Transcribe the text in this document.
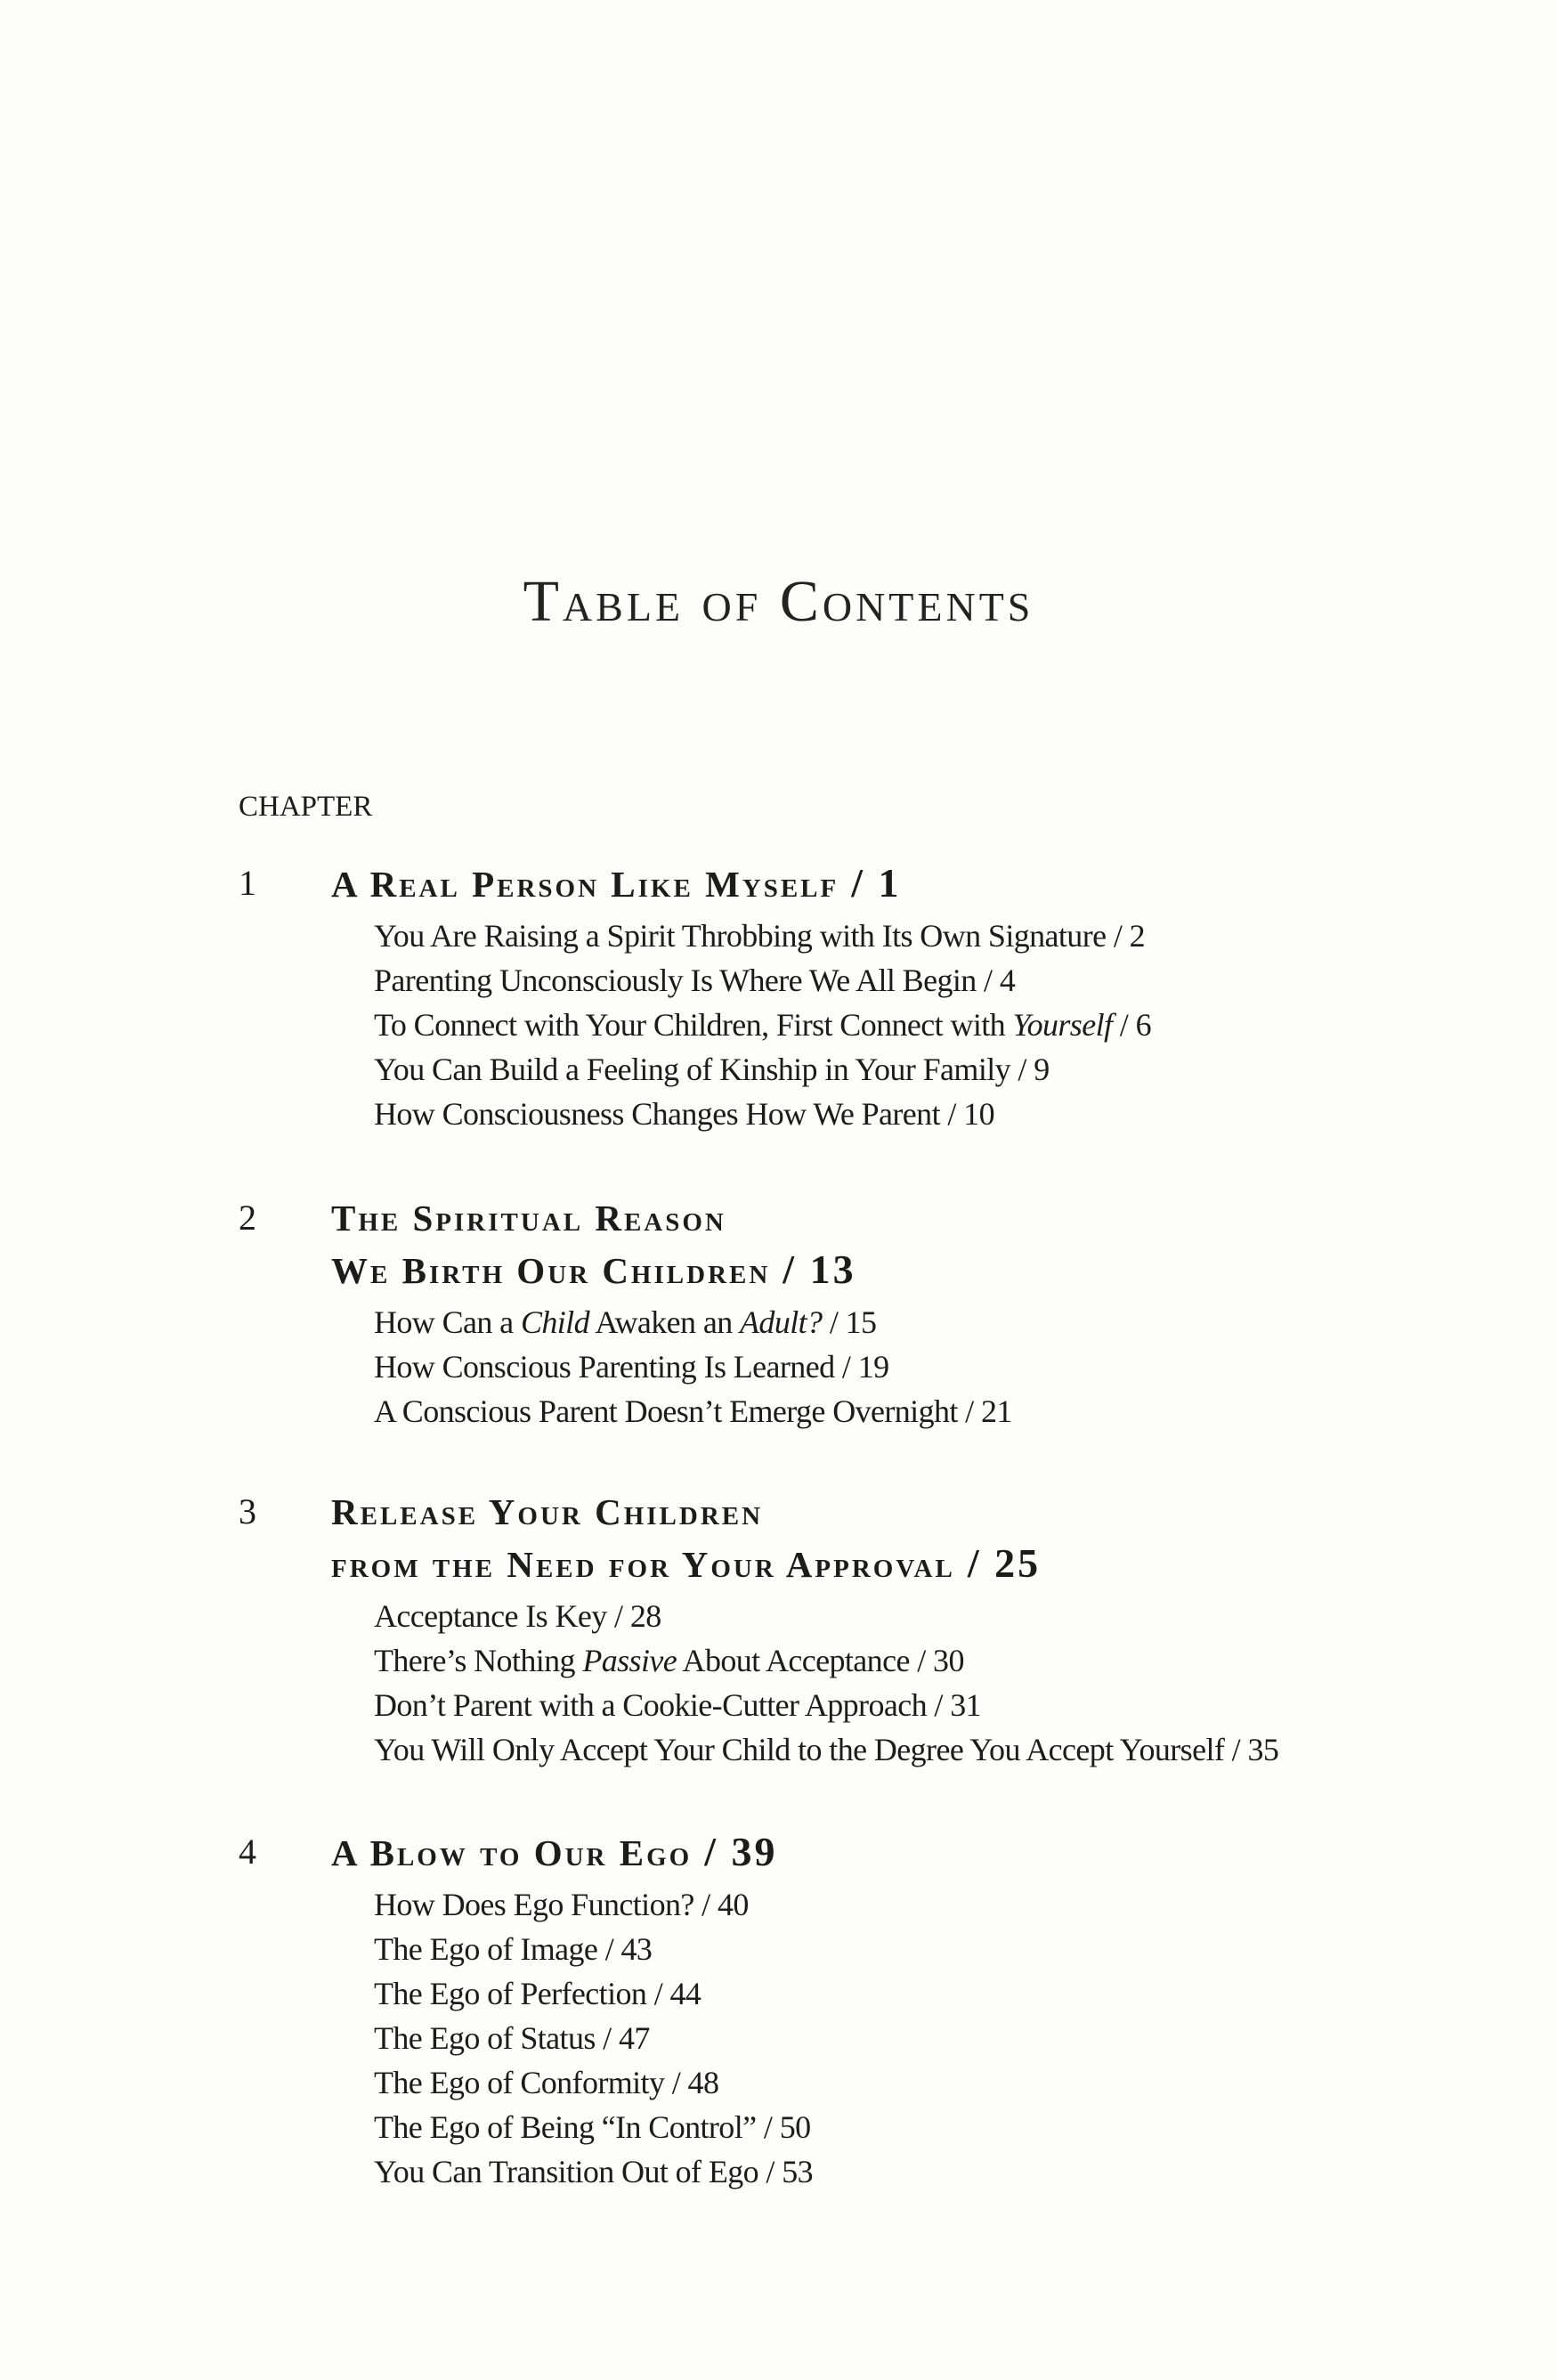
Table of Contents
CHAPTER
1 A Real Person Like Myself / 1
You Are Raising a Spirit Throbbing with Its Own Signature / 2
Parenting Unconsciously Is Where We All Begin / 4
To Connect with Your Children, First Connect with Yourself / 6
You Can Build a Feeling of Kinship in Your Family / 9
How Consciousness Changes How We Parent / 10
2 The Spiritual Reason
We Birth Our Children / 13
How Can a Child Awaken an Adult? / 15
How Conscious Parenting Is Learned / 19
A Conscious Parent Doesn’t Emerge Overnight / 21
3 Release Your Children
from the Need for Your Approval / 25
Acceptance Is Key / 28
There’s Nothing Passive About Acceptance / 30
Don’t Parent with a Cookie-Cutter Approach / 31
You Will Only Accept Your Child to the Degree You Accept Yourself / 35
4 A Blow to Our Ego / 39
How Does Ego Function? / 40
The Ego of Image / 43
The Ego of Perfection / 44
The Ego of Status / 47
The Ego of Conformity / 48
The Ego of Being “In Control” / 50
You Can Transition Out of Ego / 53
